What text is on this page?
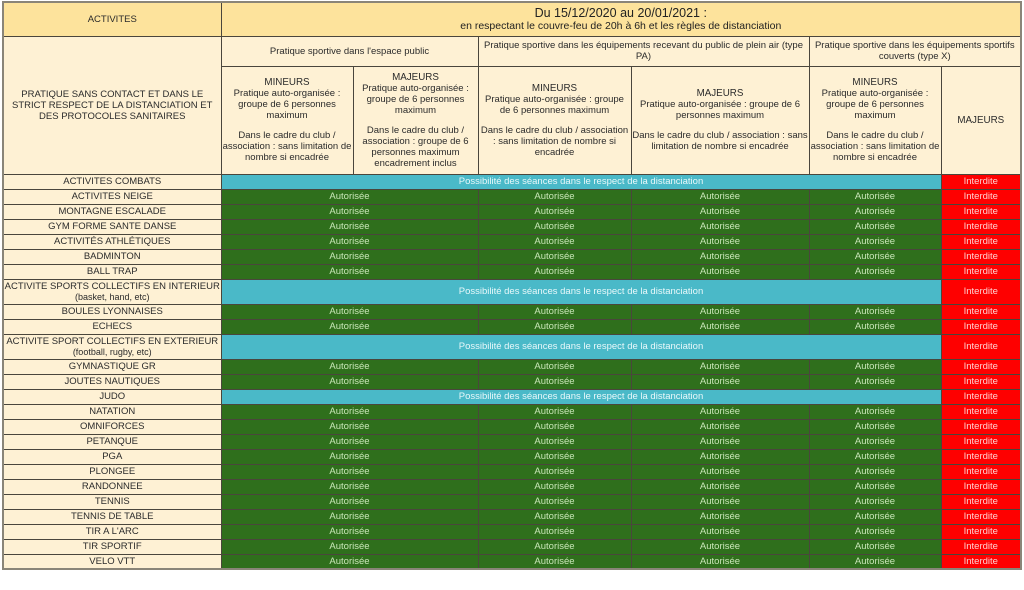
ACTIVITES	Du 15/12/2020 au 20/01/2021 :
en respectant le couvre-feu de 20h à 6h et les règles de distanciation					

PRATIQUE SANS CONTACT ET DANS LE STRICT RESPECT DE LA DISTANCIATION ET DES PROTOCOLES SANITAIRES	Pratique sportive dans l'espace public		Pratique sportive dans les équipements recevant du public de plein air (type PA)		Pratique sportive dans les équipements sportifs couverts (type X)	
	MINEURS
Pratique auto-organisée : groupe de 6 personnes maximum
Dans le cadre du club / association : sans limitation de nombre si encadrée	MAJEURS
Pratique auto-organisée : groupe de 6 personnes maximum
Dans le cadre du club / association : groupe de 6 personnes maximum encadrement inclus	MINEURS
Pratique auto-organisée : groupe de 6 personnes maximum
Dans le cadre du club / association : sans limitation de nombre si encadrée	MAJEURS
Pratique auto-organisée : groupe de 6 personnes maximum
Dans le cadre du club / association : sans limitation de nombre si encadrée	MINEURS
Pratique auto-organisée : groupe de 6 personnes maximum
Dans le cadre du club / association : sans limitation de nombre si encadrée	MAJEURS
ACTIVITES COMBATS	Possibilité des séances dans le respect de la distanciation					Interdite
ACTIVITES NEIGE	Autorisée		Autorisée	Autorisée	Autorisée	Interdite
MONTAGNE ESCALADE	Autorisée		Autorisée	Autorisée	Autorisée	Interdite
GYM FORME SANTE DANSE	Autorisée		Autorisée	Autorisée	Autorisée	Interdite
ACTIVITÉS ATHLÉTIQUES	Autorisée		Autorisée	Autorisée	Autorisée	Interdite
BADMINTON	Autorisée		Autorisée	Autorisée	Autorisée	Interdite
BALL TRAP	Autorisée		Autorisée	Autorisée	Autorisée	Interdite
ACTIVITE SPORTS COLLECTIFS EN INTERIEUR
(basket, hand, etc)	Possibilité des séances dans le respect de la distanciation					Interdite
BOULES LYONNAISES	Autorisée		Autorisée	Autorisée	Autorisée	Interdite
ECHECS	Autorisée		Autorisée	Autorisée	Autorisée	Interdite
ACTIVITE SPORT COLLECTIFS EN EXTERIEUR
(football, rugby, etc)	Possibilité des séances dans le respect de la distanciation					Interdite
GYMNASTIQUE GR	Autorisée		Autorisée	Autorisée	Autorisée	Interdite
JOUTES NAUTIQUES	Autorisée		Autorisée	Autorisée	Autorisée	Interdite
JUDO	Possibilité des séances dans le respect de la distanciation					Interdite
NATATION	Autorisée		Autorisée	Autorisée	Autorisée	Interdite
OMNIFORCES	Autorisée		Autorisée	Autorisée	Autorisée	Interdite
PETANQUE	Autorisée		Autorisée	Autorisée	Autorisée	Interdite
PGA	Autorisée		Autorisée	Autorisée	Autorisée	Interdite
PLONGEE	Autorisée		Autorisée	Autorisée	Autorisée	Interdite
RANDONNEE	Autorisée		Autorisée	Autorisée	Autorisée	Interdite
TENNIS	Autorisée		Autorisée	Autorisée	Autorisée	Interdite
TENNIS DE TABLE	Autorisée		Autorisée	Autorisée	Autorisée	Interdite
TIR A L'ARC	Autorisée		Autorisée	Autorisée	Autorisée	Interdite
TIR SPORTIF	Autorisée		Autorisée	Autorisée	Autorisée	Interdite
VELO VTT	Autorisée		Autorisée	Autorisée	Autorisée	Interdite
